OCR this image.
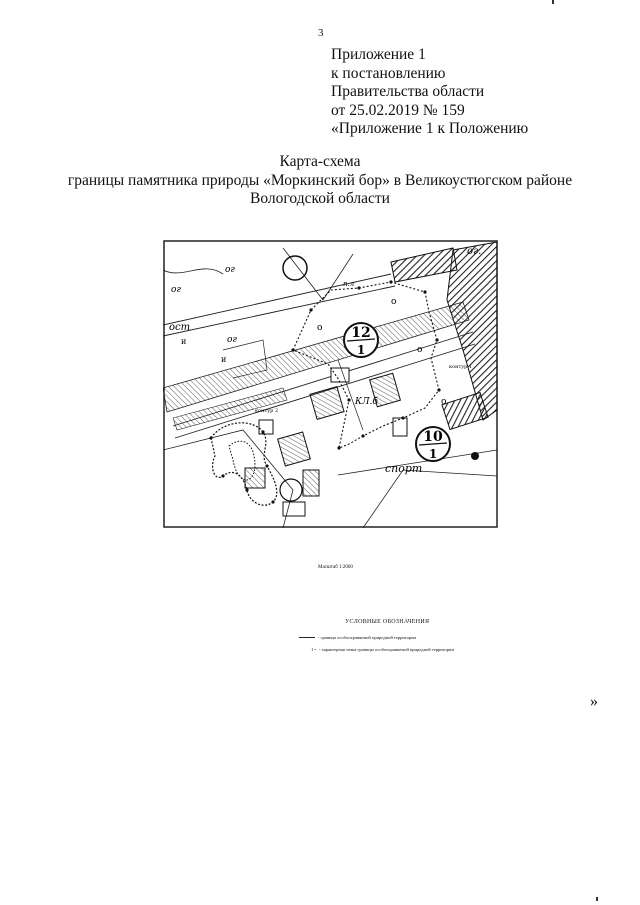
3
Приложение 1
к постановлению
Правительства области
от 25.02.2019 № 159
«Приложение 1 к Положению
Карта-схема
границы памятника природы «Моркинский бор» в Великоустюгском районе
Вологодской области
12
1
10
1
спорт
КЛ.б
ог
ог
ог
ог.
ост
п.л
контур 1
контур 2
о
о
о
о
и
и
Масштаб 1:2000
УСЛОВНЫЕ ОБОЗНАЧЕНИЯ
- граница особоохраняемой природной территории
1 • - характерная точка границы особоохраняемой природной территории
»
